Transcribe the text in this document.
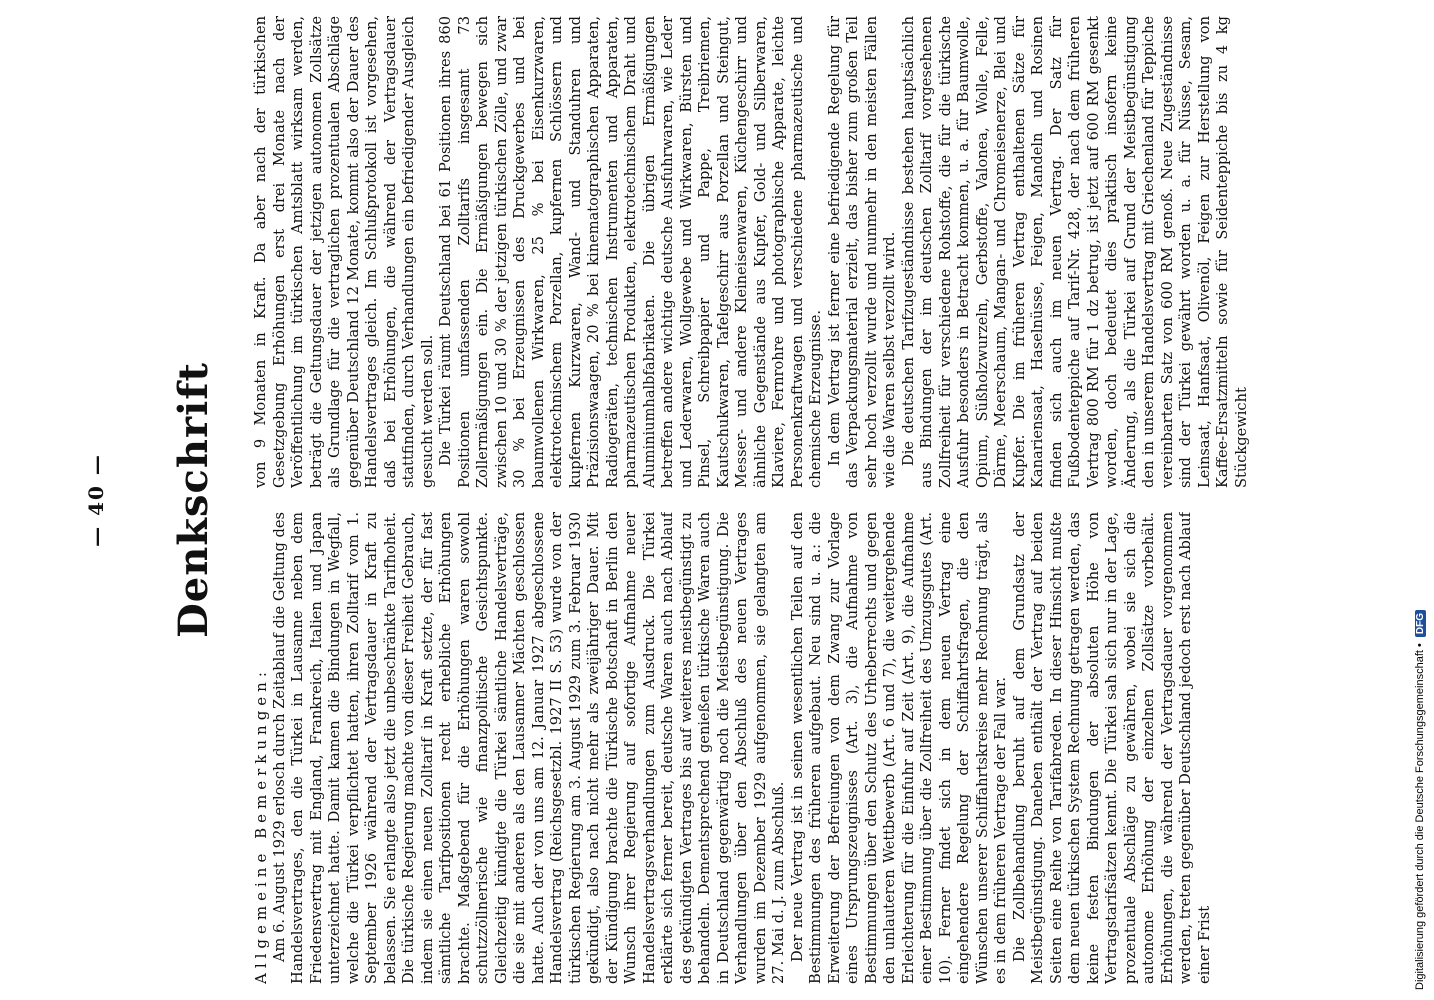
— 40 — Denkschrift

Allgemeine Bemerkungen: Am 6. August 1929 erlosch durch Zeitablauf die Geltung des Handelsvertrages, den die Türkei in Lausanne neben dem Friedensvertrag mit England, Frankreich, Italien und Japan unterzeichnet hatte. Damit kamen die Bindungen in Wegfall, welche die Türkei verpflichtet hatten, ihren Zolltarif vom 1. September 1926 während der Vertragsdauer in Kraft zu belassen. Sie erlangte also jetzt die unbeschränkte Tarifhoheit. Die türkische Regierung machte von dieser Freiheit Gebrauch, indem sie einen neuen Zolltarif in Kraft setzte, der für fast sämtliche Tarifpositionen recht erhebliche Erhöhungen brachte. Maßgebend für die Erhöhungen waren sowohl schutzzöllnerische wie finanzpolitische Gesichtspunkte. Gleichzeitig kündigte die Türkei sämtliche Handelsverträge, die sie mit anderen als den Lausanner Mächten geschlossen hatte. Auch der von uns am 12. Januar 1927 abgeschlossene Handelsvertrag (Reichsgesetzbl. 1927 II S. 53) wurde von der türkischen Regierung am 3. August 1929 zum 3. Februar 1930 gekündigt, also nach nicht mehr als zweijähriger Dauer. Mit der Kündigung brachte die Türkische Botschaft in Berlin den Wunsch ihrer Regierung auf sofortige Aufnahme neuer Handelsvertragsverhandlungen zum Ausdruck. Die Türkei erklärte sich ferner bereit, deutsche Waren auch nach Ablauf des gekündigten Vertrages bis auf weiteres meistbegünstigt zu behandeln. Dementsprechend genießen türkische Waren auch in Deutschland gegenwärtig noch die Meistbegünstigung. Die Verhandlungen über den Abschluß des neuen Vertrages wurden im Dezember 1929 aufgenommen, sie gelangten am 27. Mai d. J. zum Abschluß. Der neue Vertrag ist in seinen wesentlichen Teilen auf den Bestimmungen des früheren aufgebaut. Neu sind u. a.: die Erweiterung der Befreiungen von dem Zwang zur Vorlage eines Ursprungszeugnisses (Art. 3), die Aufnahme von Bestimmungen über den Schutz des Urheberrechts und gegen den unlauteren Wettbewerb (Art. 6 und 7), die weitergehende Erleichterung für die Einfuhr auf Zeit (Art. 9), die Aufnahme einer Bestimmung über die Zollfreiheit des Umzugsgutes (Art. 10). Ferner findet sich in dem neuen Vertrag eine eingehendere Regelung der Schiffahrtsfragen, die den Wünschen unserer Schiffahrtskreise mehr Rechnung trägt, als es in dem früheren Vertrage der Fall war. Die Zollbehandlung beruht auf dem Grundsatz der Meistbegünstigung. Daneben enthält der Vertrag auf beiden Seiten eine Reihe von Tarifabreden. In dieser Hinsicht mußte dem neuen türkischen System Rechnung getragen werden, das keine festen Bindungen der absoluten Höhe von Vertragstarifsätzen kennt. Die Türkei sah sich nur in der Lage, prozentuale Abschläge zu gewähren, wobei sie sich die autonome Erhöhung der einzelnen Zollsätze vorbehält. Erhöhungen, die während der Vertragsdauer vorgenommen werden, treten gegenüber Deutschland jedoch erst nach Ablauf einer Frist

von 9 Monaten in Kraft. Da aber nach der türkischen Gesetzgebung Erhöhungen erst drei Monate nach der Veröffentlichung im türkischen Amtsblatt wirksam werden, beträgt die Geltungsdauer der jetzigen autonomen Zollsätze als Grundlage für die vertraglichen prozentualen Abschläge gegenüber Deutschland 12 Monate, kommt also der Dauer des Handelsvertrages gleich. Im Schlußprotokoll ist vorgesehen, daß bei Erhöhungen, die während der Vertragsdauer stattfinden, durch Verhandlungen ein befriedigender Ausgleich gesucht werden soll. Die Türkei räumt Deutschland bei 61 Positionen ihres 860 Positionen umfassenden Zolltarifs insgesamt 73 Zollermäßigungen ein. Die Ermäßigungen bewegen sich zwischen 10 und 30 % der jetzigen türkischen Zölle, und zwar 30 % bei Erzeugnissen des Druckgewerbes und bei baumwollenen Wirkwaren, 25 % bei Eisenkurzwaren, elektrotechnischem Porzellan, kupfernen Schlössern und kupfernen Kurzwaren, Wand- und Standuhren und Präzisionswaagen, 20 % bei kinematographischen Apparaten, Radiogeräten, technischen Instrumenten und Apparaten, pharmazeutischen Produkten, elektrotechnischem Draht und Aluminiumhalbfabrikaten. Die übrigen Ermäßigungen betreffen andere wichtige deutsche Ausfuhrwaren, wie Leder und Lederwaren, Wollgewebe und Wirkwaren, Bürsten und Pinsel, Schreibpapier und Pappe, Treibriemen, Kautschukwaren, Tafelgeschirr aus Porzellan und Steingut, Messer- und andere Kleineisenwaren, Küchengeschirr und ähnliche Gegenstände aus Kupfer, Gold- und Silberwaren, Klaviere, Fernrohre und photographische Apparate, leichte Personenkraftwagen und verschiedene pharmazeutische und chemische Erzeugnisse. In dem Vertrag ist ferner eine befriedigende Regelung für das Verpackungsmaterial erzielt, das bisher zum großen Teil sehr hoch verzollt wurde und nunmehr in den meisten Fällen wie die Waren selbst verzollt wird. Die deutschen Tarifzugeständnisse bestehen hauptsächlich aus Bindungen der im deutschen Zolltarif vorgesehenen Zollfreiheit für verschiedene Rohstoffe, die für die türkische Ausfuhr besonders in Betracht kommen, u. a. für Baumwolle, Opium, Süßholzwurzeln, Gerbstoffe, Valonea, Wolle, Felle, Därme, Meerschaum, Mangan- und Chromeisenerze, Blei und Kupfer. Die im früheren Vertrag enthaltenen Sätze für Kanariensaat, Haselnüsse, Feigen, Mandeln und Rosinen finden sich auch im neuen Vertrag. Der Satz für Fußbodenteppiche auf Tarif-Nr. 428, der nach dem früheren Vertrag 800 RM für 1 dz betrug, ist jetzt auf 600 RM gesenkt worden, doch bedeutet dies praktisch insofern keine Änderung, als die Türkei auf Grund der Meistbegünstigung den in unserem Handelsvertrag mit Griechenland für Teppiche vereinbarten Satz von 600 RM genoß. Neue Zugeständnisse sind der Türkei gewährt worden u. a. für Nüsse, Sesam, Leinsaat, Hanfsaat, Olivenöl, Feigen zur Herstellung von Kaffee-Ersatzmitteln sowie für Seidenteppiche bis zu 4 kg Stückgewicht

Digitalisierung gefördert durch die Deutsche Forschungsgemeinschaft •
DFG
